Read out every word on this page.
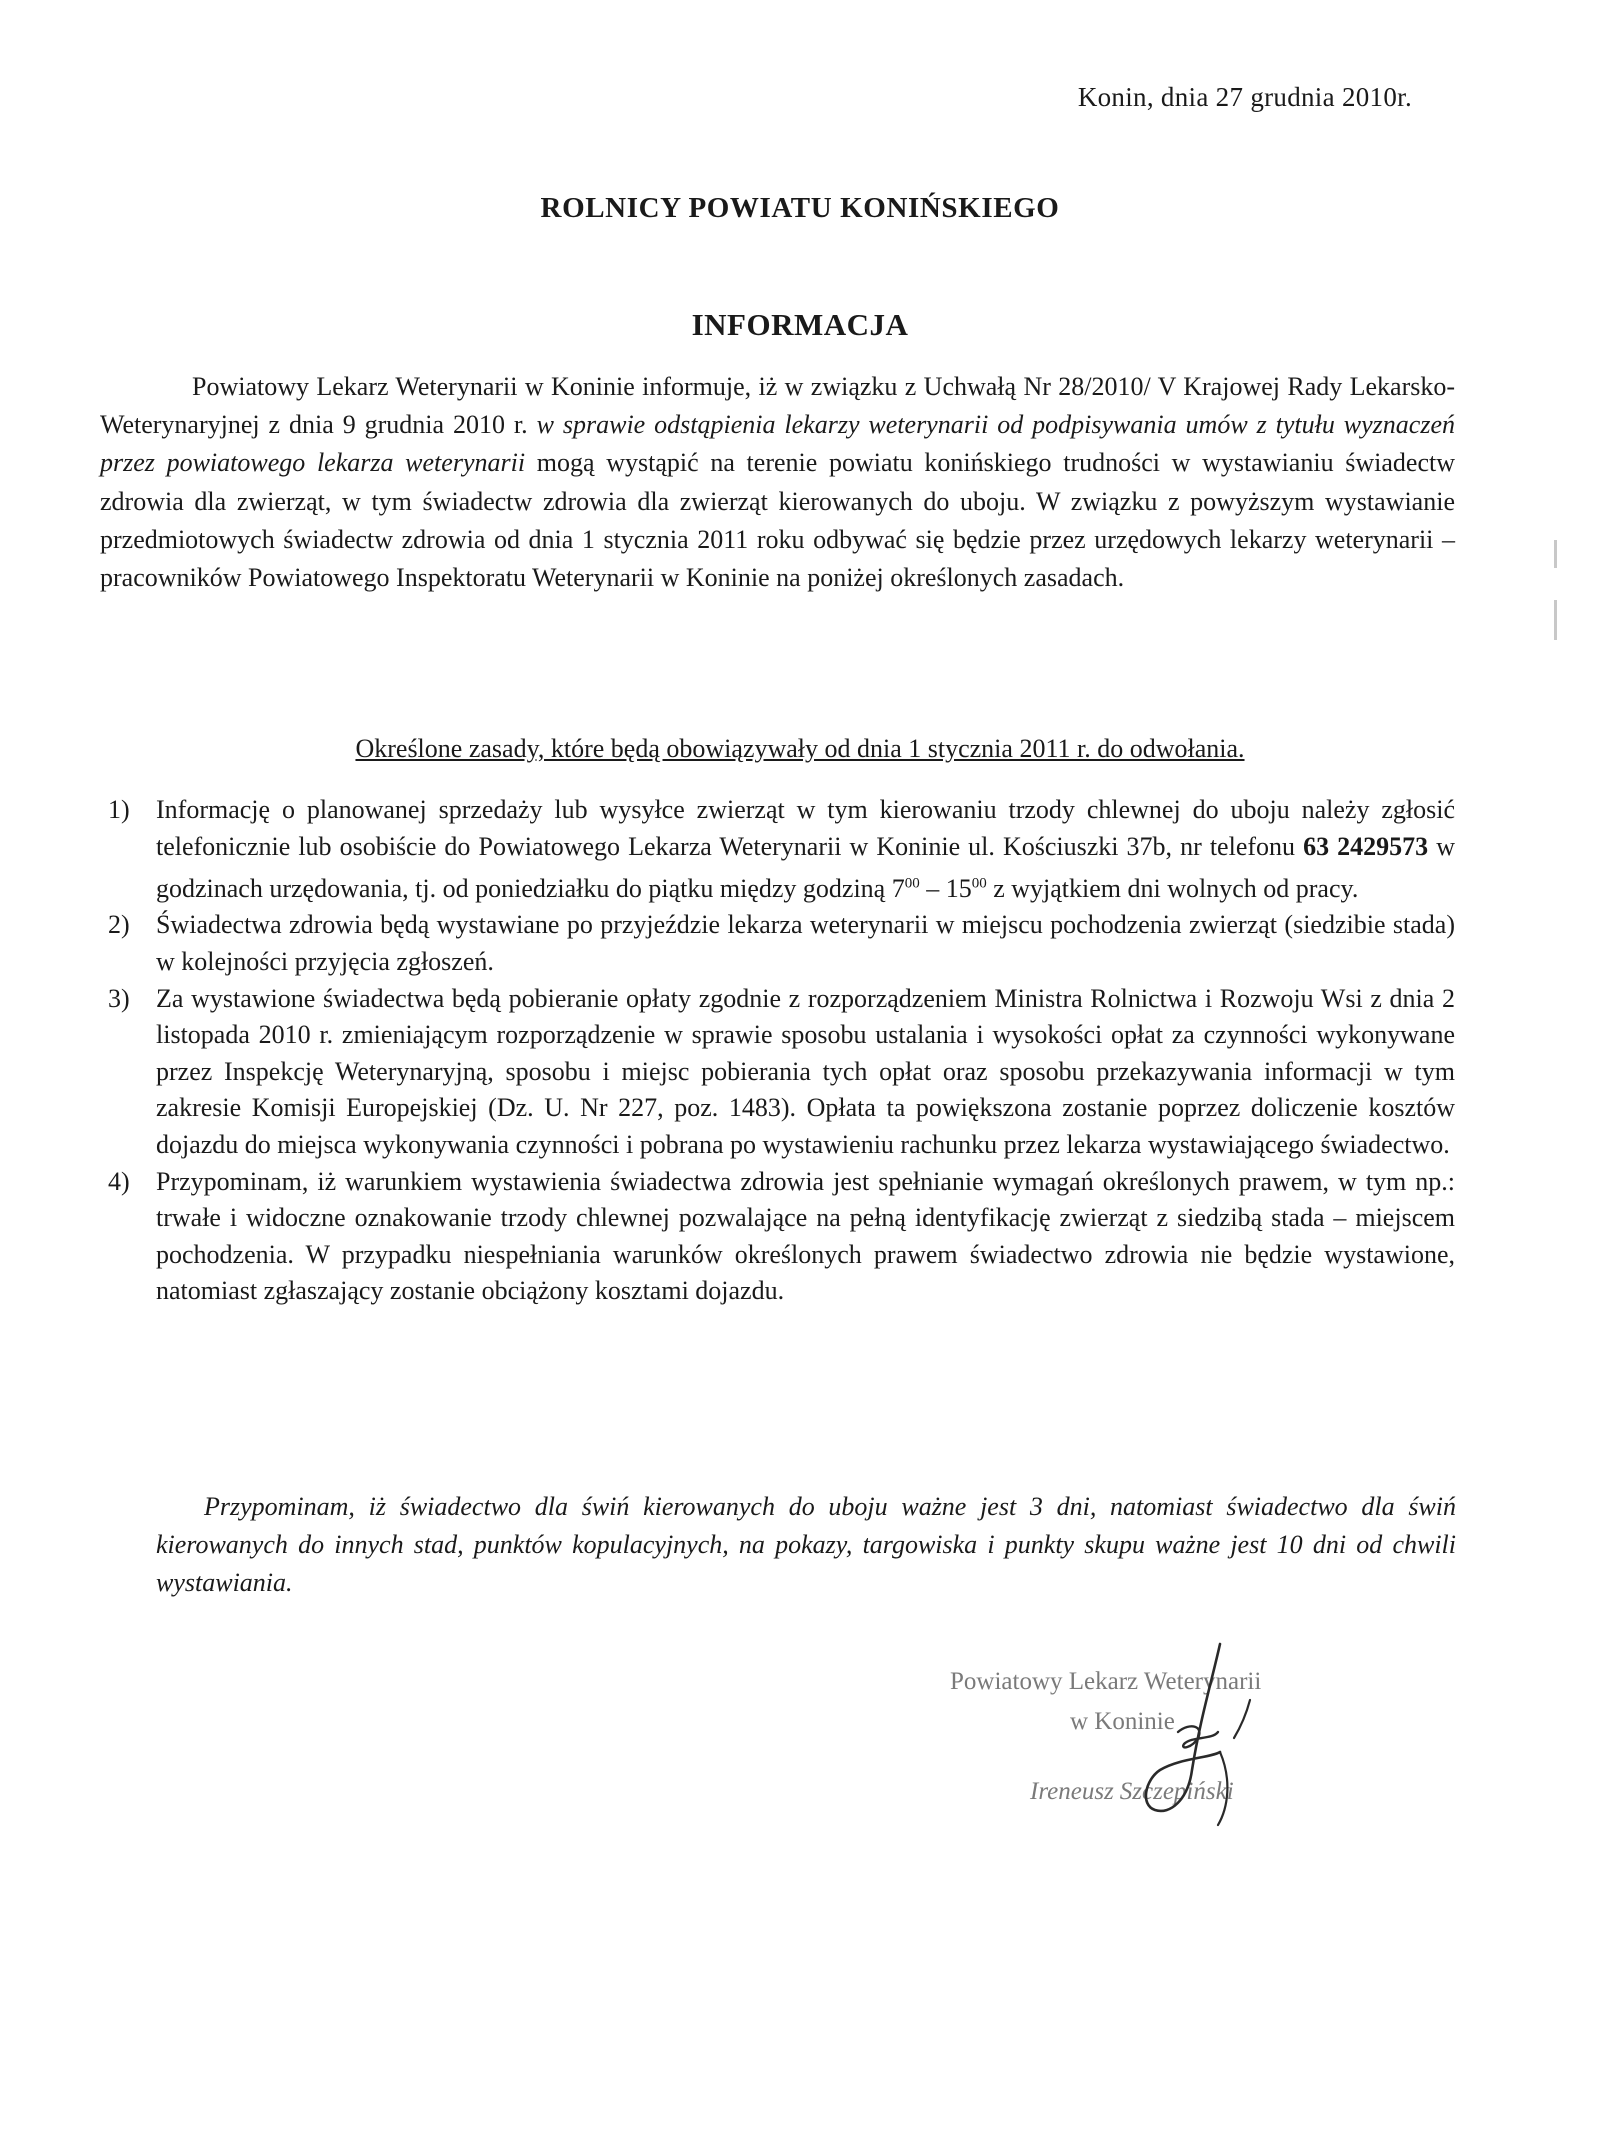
Konin, dnia 27 grudnia 2010r.
ROLNICY POWIATU KONIŃSKIEGO
INFORMACJA

Powiatowy Lekarz Weterynarii w Koninie informuje, iż w związku z Uchwałą Nr 28/2010/ V Krajowej Rady Lekarsko-Weterynaryjnej z dnia 9 grudnia 2010 r. w sprawie odstąpienia lekarzy weterynarii od podpisywania umów z tytułu wyznaczeń przez powiatowego lekarza weterynarii mogą wystąpić na terenie powiatu konińskiego trudności w wystawianiu świadectw zdrowia dla zwierząt, w tym świadectw zdrowia dla zwierząt kierowanych do uboju. W związku z powyższym wystawianie przedmiotowych świadectw zdrowia od dnia 1 stycznia 2011 roku odbywać się będzie przez urzędowych lekarzy weterynarii – pracowników Powiatowego Inspektoratu Weterynarii w Koninie na poniżej określonych zasadach.

Określone zasady, które będą obowiązywały od dnia 1 stycznia 2011 r. do odwołania.
1) Informację o planowanej sprzedaży lub wysyłce zwierząt w tym kierowaniu trzody chlewnej do uboju należy zgłosić telefonicznie lub osobiście do Powiatowego Lekarza Weterynarii w Koninie ul. Kościuszki 37b, nr telefonu 63 2429573 w godzinach urzędowania, tj. od poniedziałku do piątku między godziną $7^{00} - 15^{00}$ z wyjątkiem dni wolnych od pracy.
2) Świadectwa zdrowia będą wystawiane po przyjeździe lekarza weterynarii w miejscu pochodzenia zwierząt (siedzibie stada) w kolejności przyjęcia zgłoszeń.
3) Za wystawione świadectwa będą pobieranie opłaty zgodnie z rozporządzeniem Ministra Rolnictwa i Rozwoju Wsi z dnia 2 listopada 2010 r. zmieniającym rozporządzenie w sprawie sposobu ustalania i wysokości opłat za czynności wykonywane przez Inspekcję Weterynaryjną, sposobu i miejsc pobierania tych opłat oraz sposobu przekazywania informacji w tym zakresie Komisji Europejskiej (Dz. U. Nr 227, poz. 1483). Opłata ta powiększona zostanie poprzez doliczenie kosztów dojazdu do miejsca wykonywania czynności i pobrana po wystawieniu rachunku przez lekarza wystawiającego świadectwo.
4) Przypominam, iż warunkiem wystawienia świadectwa zdrowia jest spełnianie wymagań określonych prawem, w tym np.: trwałe i widoczne oznakowanie trzody chlewnej pozwalające na pełną identyfikację zwierząt z siedzibą stada – miejscem pochodzenia. W przypadku niespełniania warunków określonych prawem świadectwo zdrowia nie będzie wystawione, natomiast zgłaszający zostanie obciążony kosztami dojazdu.

Przypominam, iż świadectwo dla świń kierowanych do uboju ważne jest 3 dni, natomiast świadectwo dla świń kierowanych do innych stad, punktów kopulacyjnych, na pokazy, targowiska i punkty skupu ważne jest 10 dni od chwili wystawiania.

Powiatowy Lekarz Weterynarii
w Koninie
Ireneusz Szczepiński
